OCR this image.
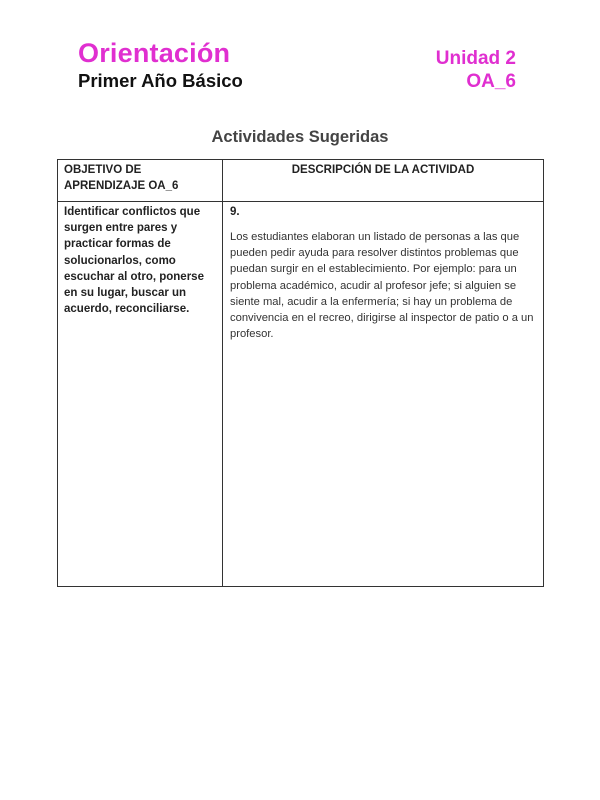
Orientación
Primer Año Básico
Unidad 2
OA_6
Actividades Sugeridas
OBJETIVO DE APRENDIZAJE OA_6	DESCRIPCIÓN DE LA ACTIVIDAD

Identificar conflictos que surgen entre pares y practicar formas de solucionarlos, como escuchar al otro, ponerse en su lugar, buscar un acuerdo, reconciliarse.	9.
Los estudiantes elaboran un listado de personas a las que pueden pedir ayuda para resolver distintos problemas que puedan surgir en el establecimiento. Por ejemplo: para un problema académico, acudir al profesor jefe; si alguien se siente mal, acudir a la enfermería; si hay un problema de convivencia en el recreo, dirigirse al inspector de patio o a un profesor.
